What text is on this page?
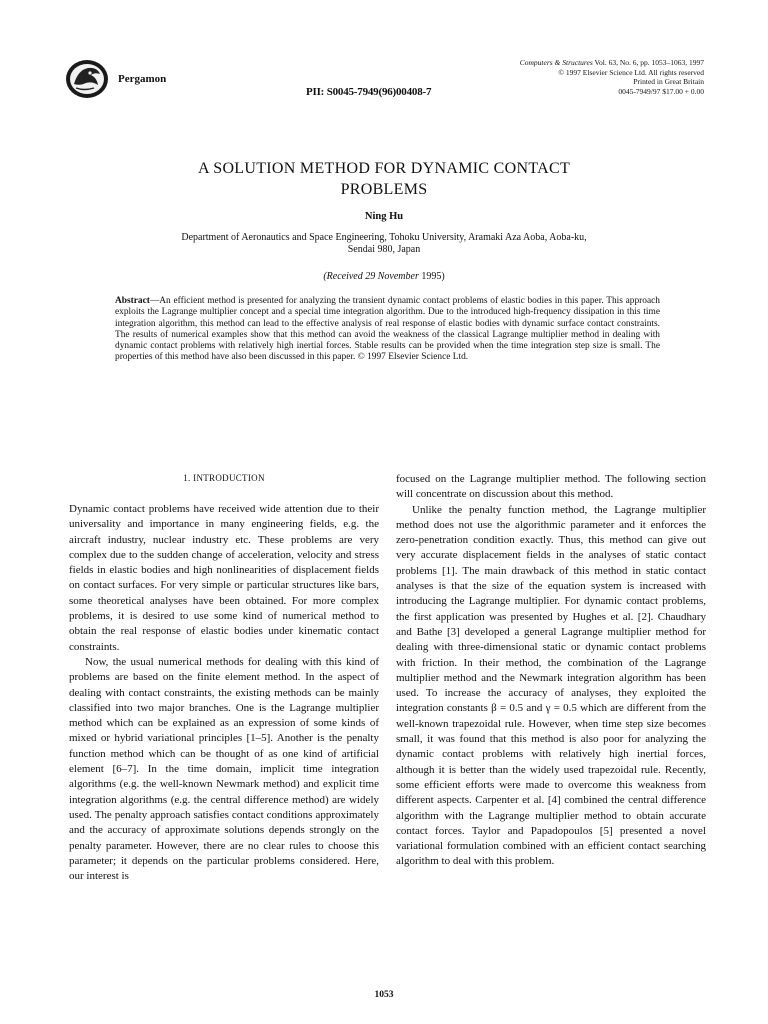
Pergamon
Computers & Structures Vol. 63, No. 6, pp. 1053–1063, 1997
© 1997 Elsevier Science Ltd. All rights reserved
Printed in Great Britain
0045-7949/97 $17.00 + 0.00
PII: S0045-7949(96)00408-7
A SOLUTION METHOD FOR DYNAMIC CONTACT
PROBLEMS
Ning Hu
Department of Aeronautics and Space Engineering, Tohoku University, Aramaki Aza Aoba, Aoba-ku,
Sendai 980, Japan
(Received 29 November 1995)
Abstract—An efficient method is presented for analyzing the transient dynamic contact problems of elastic bodies in this paper. This approach exploits the Lagrange multiplier concept and a special time integration algorithm. Due to the introduced high-frequency dissipation in this time integration algorithm, this method can lead to the effective analysis of real response of elastic bodies with dynamic surface contact constraints. The results of numerical examples show that this method can avoid the weakness of the classical Lagrange multiplier method in dealing with dynamic contact problems with relatively high inertial forces. Stable results can be provided when the time integration step size is small. The properties of this method have also been discussed in this paper. © 1997 Elsevier Science Ltd.
1. INTRODUCTION

Dynamic contact problems have received wide attention due to their universality and importance in many engineering fields, e.g. the aircraft industry, nuclear industry etc. These problems are very complex due to the sudden change of acceleration, velocity and stress fields in elastic bodies and high nonlinearities of displacement fields on contact surfaces. For very simple or particular structures like bars, some theoretical analyses have been obtained. For more complex problems, it is desired to use some kind of numerical method to obtain the real response of elastic bodies under kinematic contact constraints.

Now, the usual numerical methods for dealing with this kind of problems are based on the finite element method. In the aspect of dealing with contact constraints, the existing methods can be mainly classified into two major branches. One is the Lagrange multiplier method which can be explained as an expression of some kinds of mixed or hybrid variational principles [1–5]. Another is the penalty function method which can be thought of as one kind of artificial element [6–7]. In the time domain, implicit time integration algorithms (e.g. the well-known Newmark method) and explicit time integration algorithms (e.g. the central difference method) are widely used. The penalty approach satisfies contact conditions approximately and the accuracy of approximate solutions depends strongly on the penalty parameter. However, there are no clear rules to choose this parameter; it depends on the particular problems considered. Here, our interest is

focused on the Lagrange multiplier method. The following section will concentrate on discussion about this method.

Unlike the penalty function method, the Lagrange multiplier method does not use the algorithmic parameter and it enforces the zero-penetration condition exactly. Thus, this method can give out very accurate displacement fields in the analyses of static contact problems [1]. The main drawback of this method in static contact analyses is that the size of the equation system is increased with introducing the Lagrange multiplier. For dynamic contact problems, the first application was presented by Hughes et al. [2]. Chaudhary and Bathe [3] developed a general Lagrange multiplier method for dealing with three-dimensional static or dynamic contact problems with friction. In their method, the combination of the Lagrange multiplier method and the Newmark integration algorithm has been used. To increase the accuracy of analyses, they exploited the integration constants β = 0.5 and γ = 0.5 which are different from the well-known trapezoidal rule. However, when time step size becomes small, it was found that this method is also poor for analyzing the dynamic contact problems with relatively high inertial forces, although it is better than the widely used trapezoidal rule. Recently, some efficient efforts were made to overcome this weakness from different aspects. Carpenter et al. [4] combined the central difference algorithm with the Lagrange multiplier method to obtain accurate contact forces. Taylor and Papadopoulos [5] presented a novel variational formulation combined with an efficient contact searching algorithm to deal with this problem.

1053
